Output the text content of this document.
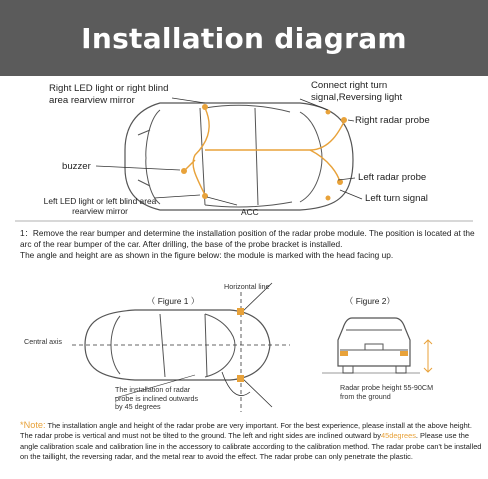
Installation diagram
Right LED light or right blind area rearview mirror
Connect right turn signal,Reversing light
Right radar probe
buzzer
Left radar probe
Left turn signal
Left LED light or left blind area rearview mirror	ACC

1：Remove the rear bumper and determine the installation position of the radar probe module. The position is located at the arc of the rear bumper of the car. After drilling, the base of the probe bracket is installed.

The angle and height are as shown in the figure below: the module is marked with the head facing up.

（ Figure 1 ）
Horizontal line
Central axis
The installation of radar probe is inclined outwards by 45 degrees
（ Figure 2）
Radar probe height 55-90CM from the ground
*Note: The installation angle and height of the radar probe are very important. For the best experience, please install at the above height. The radar probe is vertical and must not be tilted to the ground. The left and right sides are inclined outward by45degrees. Please use the angle calibration scale and calibration line in the accessory to calibrate according to the calibration method. The radar probe can't be installed on the taillight, the reversing radar, and the metal rear to avoid the effect. The radar probe can only penetrate the plastic.
